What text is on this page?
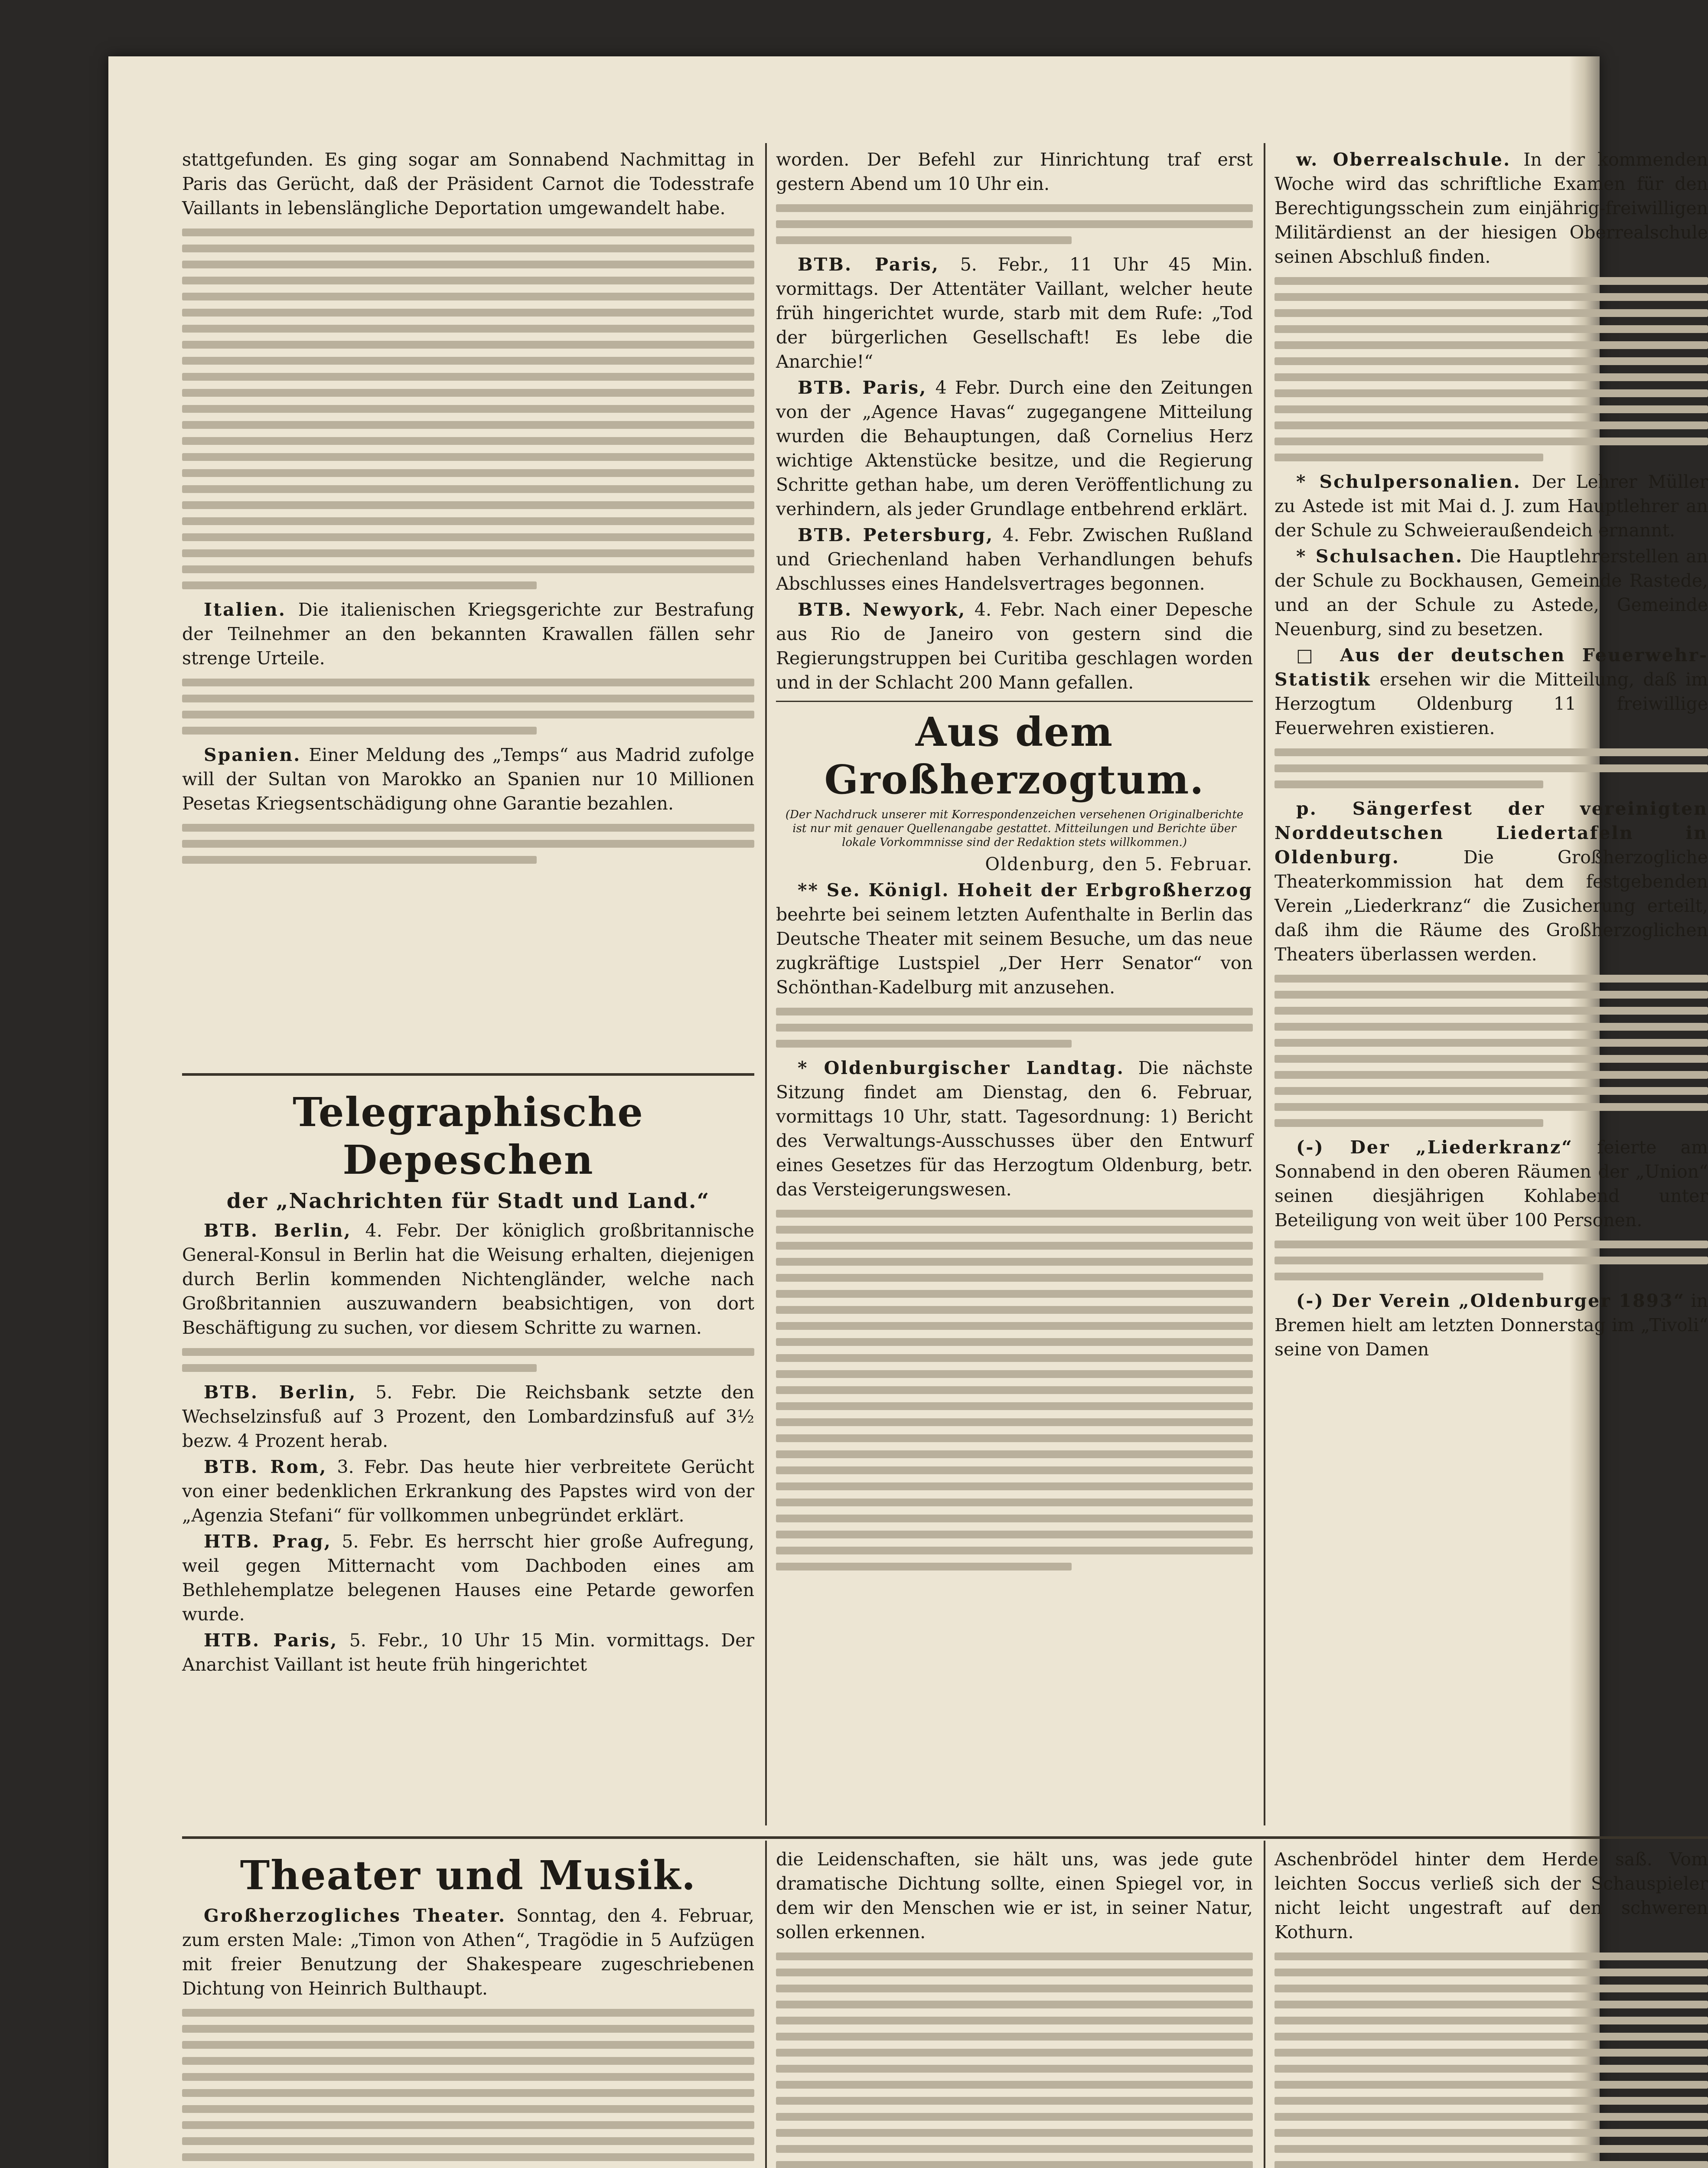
stattgefunden. Es ging sogar am Sonnabend Nachmittag in Paris das Gerücht, daß der Präsident Carnot die Todesstrafe Vaillants in lebenslängliche Deportation umgewandelt habe.

Italien. Die italienischen Kriegsgerichte zur Bestrafung der Teilnehmer an den bekannten Krawallen fällen sehr strenge Urteile.

Spanien. Einer Meldung des „Temps“ aus Madrid zufolge will der Sultan von Marokko an Spanien nur 10 Millionen Pesetas Kriegsentschädigung ohne Garantie bezahlen.

Telegraphische Depeschen
der „Nachrichten für Stadt und Land.“

BTB. Berlin, 4. Febr. Der königlich großbritannische General-Konsul in Berlin hat die Weisung erhalten, diejenigen durch Berlin kommenden Nichtengländer, welche nach Großbritannien auszuwandern beabsichtigen, von dort Beschäftigung zu suchen, vor diesem Schritte zu warnen.

BTB. Berlin, 5. Febr. Die Reichsbank setzte den Wechselzinsfuß auf 3 Prozent, den Lombardzinsfuß auf 3½ bezw. 4 Prozent herab.

BTB. Rom, 3. Febr. Das heute hier verbreitete Gerücht von einer bedenklichen Erkrankung des Papstes wird von der „Agenzia Stefani“ für vollkommen unbegründet erklärt.

HTB. Prag, 5. Febr. Es herrscht hier große Aufregung, weil gegen Mitternacht vom Dachboden eines am Bethlehemplatze belegenen Hauses eine Petarde geworfen wurde.

HTB. Paris, 5. Febr., 10 Uhr 15 Min. vormittags. Der Anarchist Vaillant ist heute früh hingerichtet

worden. Der Befehl zur Hinrichtung traf erst gestern Abend um 10 Uhr ein.

BTB. Paris, 5. Febr., 11 Uhr 45 Min. vormittags. Der Attentäter Vaillant, welcher heute früh hingerichtet wurde, starb mit dem Rufe: „Tod der bürgerlichen Gesellschaft! Es lebe die Anarchie!“

BTB. Paris, 4 Febr. Durch eine den Zeitungen von der „Agence Havas“ zugegangene Mitteilung wurden die Behauptungen, daß Cornelius Herz wichtige Aktenstücke besitze, und die Regierung Schritte gethan habe, um deren Veröffentlichung zu verhindern, als jeder Grundlage entbehrend erklärt.

BTB. Petersburg, 4. Febr. Zwischen Rußland und Griechenland haben Verhandlungen behufs Abschlusses eines Handelsvertrages begonnen.

BTB. Newyork, 4. Febr. Nach einer Depesche aus Rio de Janeiro von gestern sind die Regierungstruppen bei Curitiba geschlagen worden und in der Schlacht 200 Mann gefallen.

Aus dem Großherzogtum.
(Der Nachdruck unserer mit Korrespondenzeichen versehenen Originalberichte ist nur mit genauer Quellenangabe gestattet. Mitteilungen und Berichte über lokale Vorkommnisse sind der Redaktion stets willkommen.)
Oldenburg, den 5. Februar.

** Se. Königl. Hoheit der Erbgroßherzog beehrte bei seinem letzten Aufenthalte in Berlin das Deutsche Theater mit seinem Besuche, um das neue zugkräftige Lustspiel „Der Herr Senator“ von Schönthan-Kadelburg mit anzusehen.

* Oldenburgischer Landtag. Die nächste Sitzung findet am Dienstag, den 6. Februar, vormittags 10 Uhr, statt. Tagesordnung: 1) Bericht des Verwaltungs-Ausschusses über den Entwurf eines Gesetzes für das Herzogtum Oldenburg, betr. das Versteigerungswesen.

w. Oberrealschule. In der kommenden Woche wird das schriftliche Examen für den Berechtigungsschein zum einjährig-freiwilligen Militärdienst an der hiesigen Oberrealschule seinen Abschluß finden.

* Schulpersonalien. Der Lehrer Müller zu Astede ist mit Mai d. J. zum Hauptlehrer an der Schule zu Schweieraußendeich ernannt.

* Schulsachen. Die Hauptlehrerstellen an der Schule zu Bockhausen, Gemeinde Rastede, und an der Schule zu Astede, Gemeinde Neuenburg, sind zu besetzen.

□ Aus der deutschen Feuerwehr-Statistik ersehen wir die Mitteilung, daß im Herzogtum Oldenburg 11 freiwillige Feuerwehren existieren.

p. Sängerfest der vereinigten Norddeutschen Liedertafeln in Oldenburg.	Die Großherzogliche Theaterkommission hat dem festgebenden Verein „Liederkranz“ die Zusicherung erteilt, daß ihm die Räume des Großherzoglichen Theaters überlassen werden.

(-) Der „Liederkranz“ feierte am Sonnabend in den oberen Räumen der „Union“ seinen diesjährigen Kohlabend unter Beteiligung von weit über 100 Personen.

(-) Der Verein „Oldenburger 1893“ in Bremen hielt am letzten Donnerstag im „Tivoli“ seine von Damen

Theater und Musik.

Großherzogliches Theater. Sonntag, den 4. Februar, zum ersten Male: „Timon von Athen“, Tragödie in 5 Aufzügen mit freier Benutzung der Shakespeare zugeschriebenen Dichtung von Heinrich Bulthaupt.

die Leidenschaften, sie hält uns, was jede gute dramatische Dichtung sollte, einen Spiegel vor, in dem wir den Menschen wie er ist, in seiner Natur, sollen erkennen.

Aschenbrödel hinter dem Herde saß. Vom leichten Soccus verließ sich der Schauspieler nicht leicht ungestraft auf den schweren Kothurn.
